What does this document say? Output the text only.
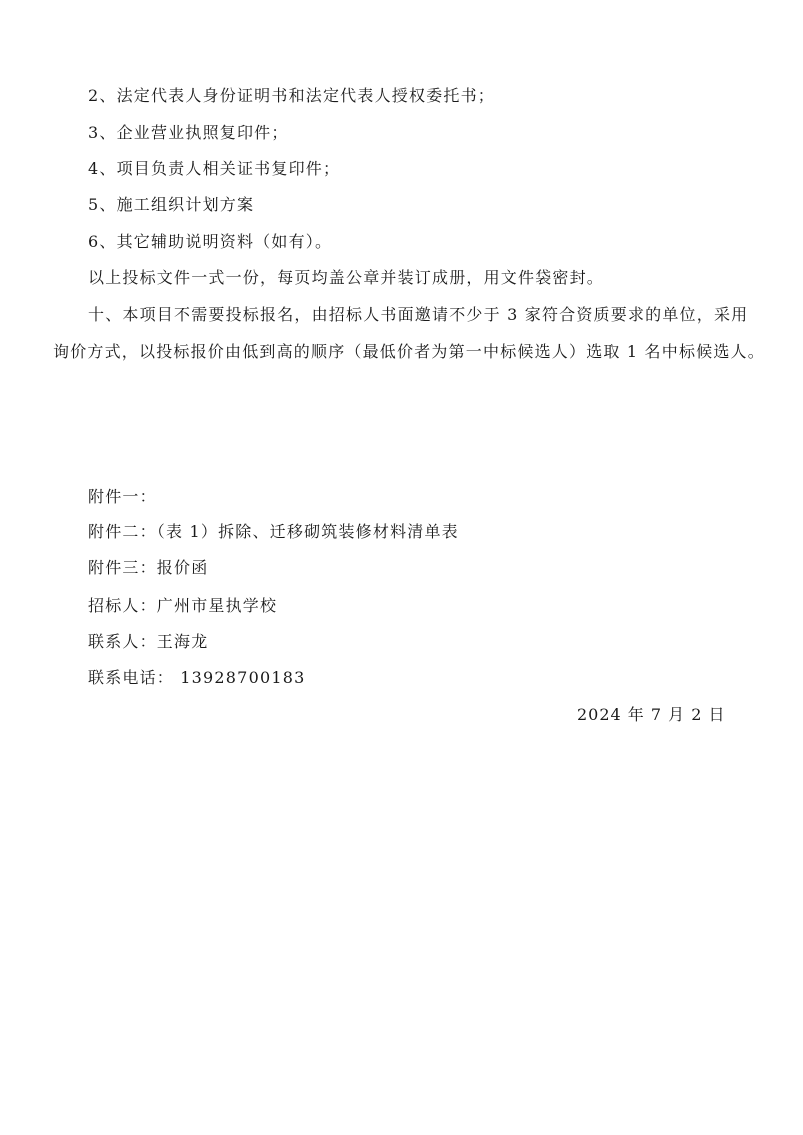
2、法定代表人身份证明书和法定代表人授权委托书；
3、企业营业执照复印件；
4、项目负责人相关证书复印件；
5、施工组织计划方案
6、其它辅助说明资料（如有）。
以上投标文件一式一份，每页均盖公章并装订成册，用文件袋密封。
十、本项目不需要投标报名，由招标人书面邀请不少于 3 家符合资质要求的单位，采用询价方式，以投标报价由低到高的顺序（最低价者为第一中标候选人）选取 1 名中标候选人。
附件一：
附件二：（表 1）拆除、迁移砌筑装修材料清单表
附件三：报价函
招标人：广州市星执学校
联系人：王海龙
联系电话： 13928700183
2024 年 7 月 2 日
